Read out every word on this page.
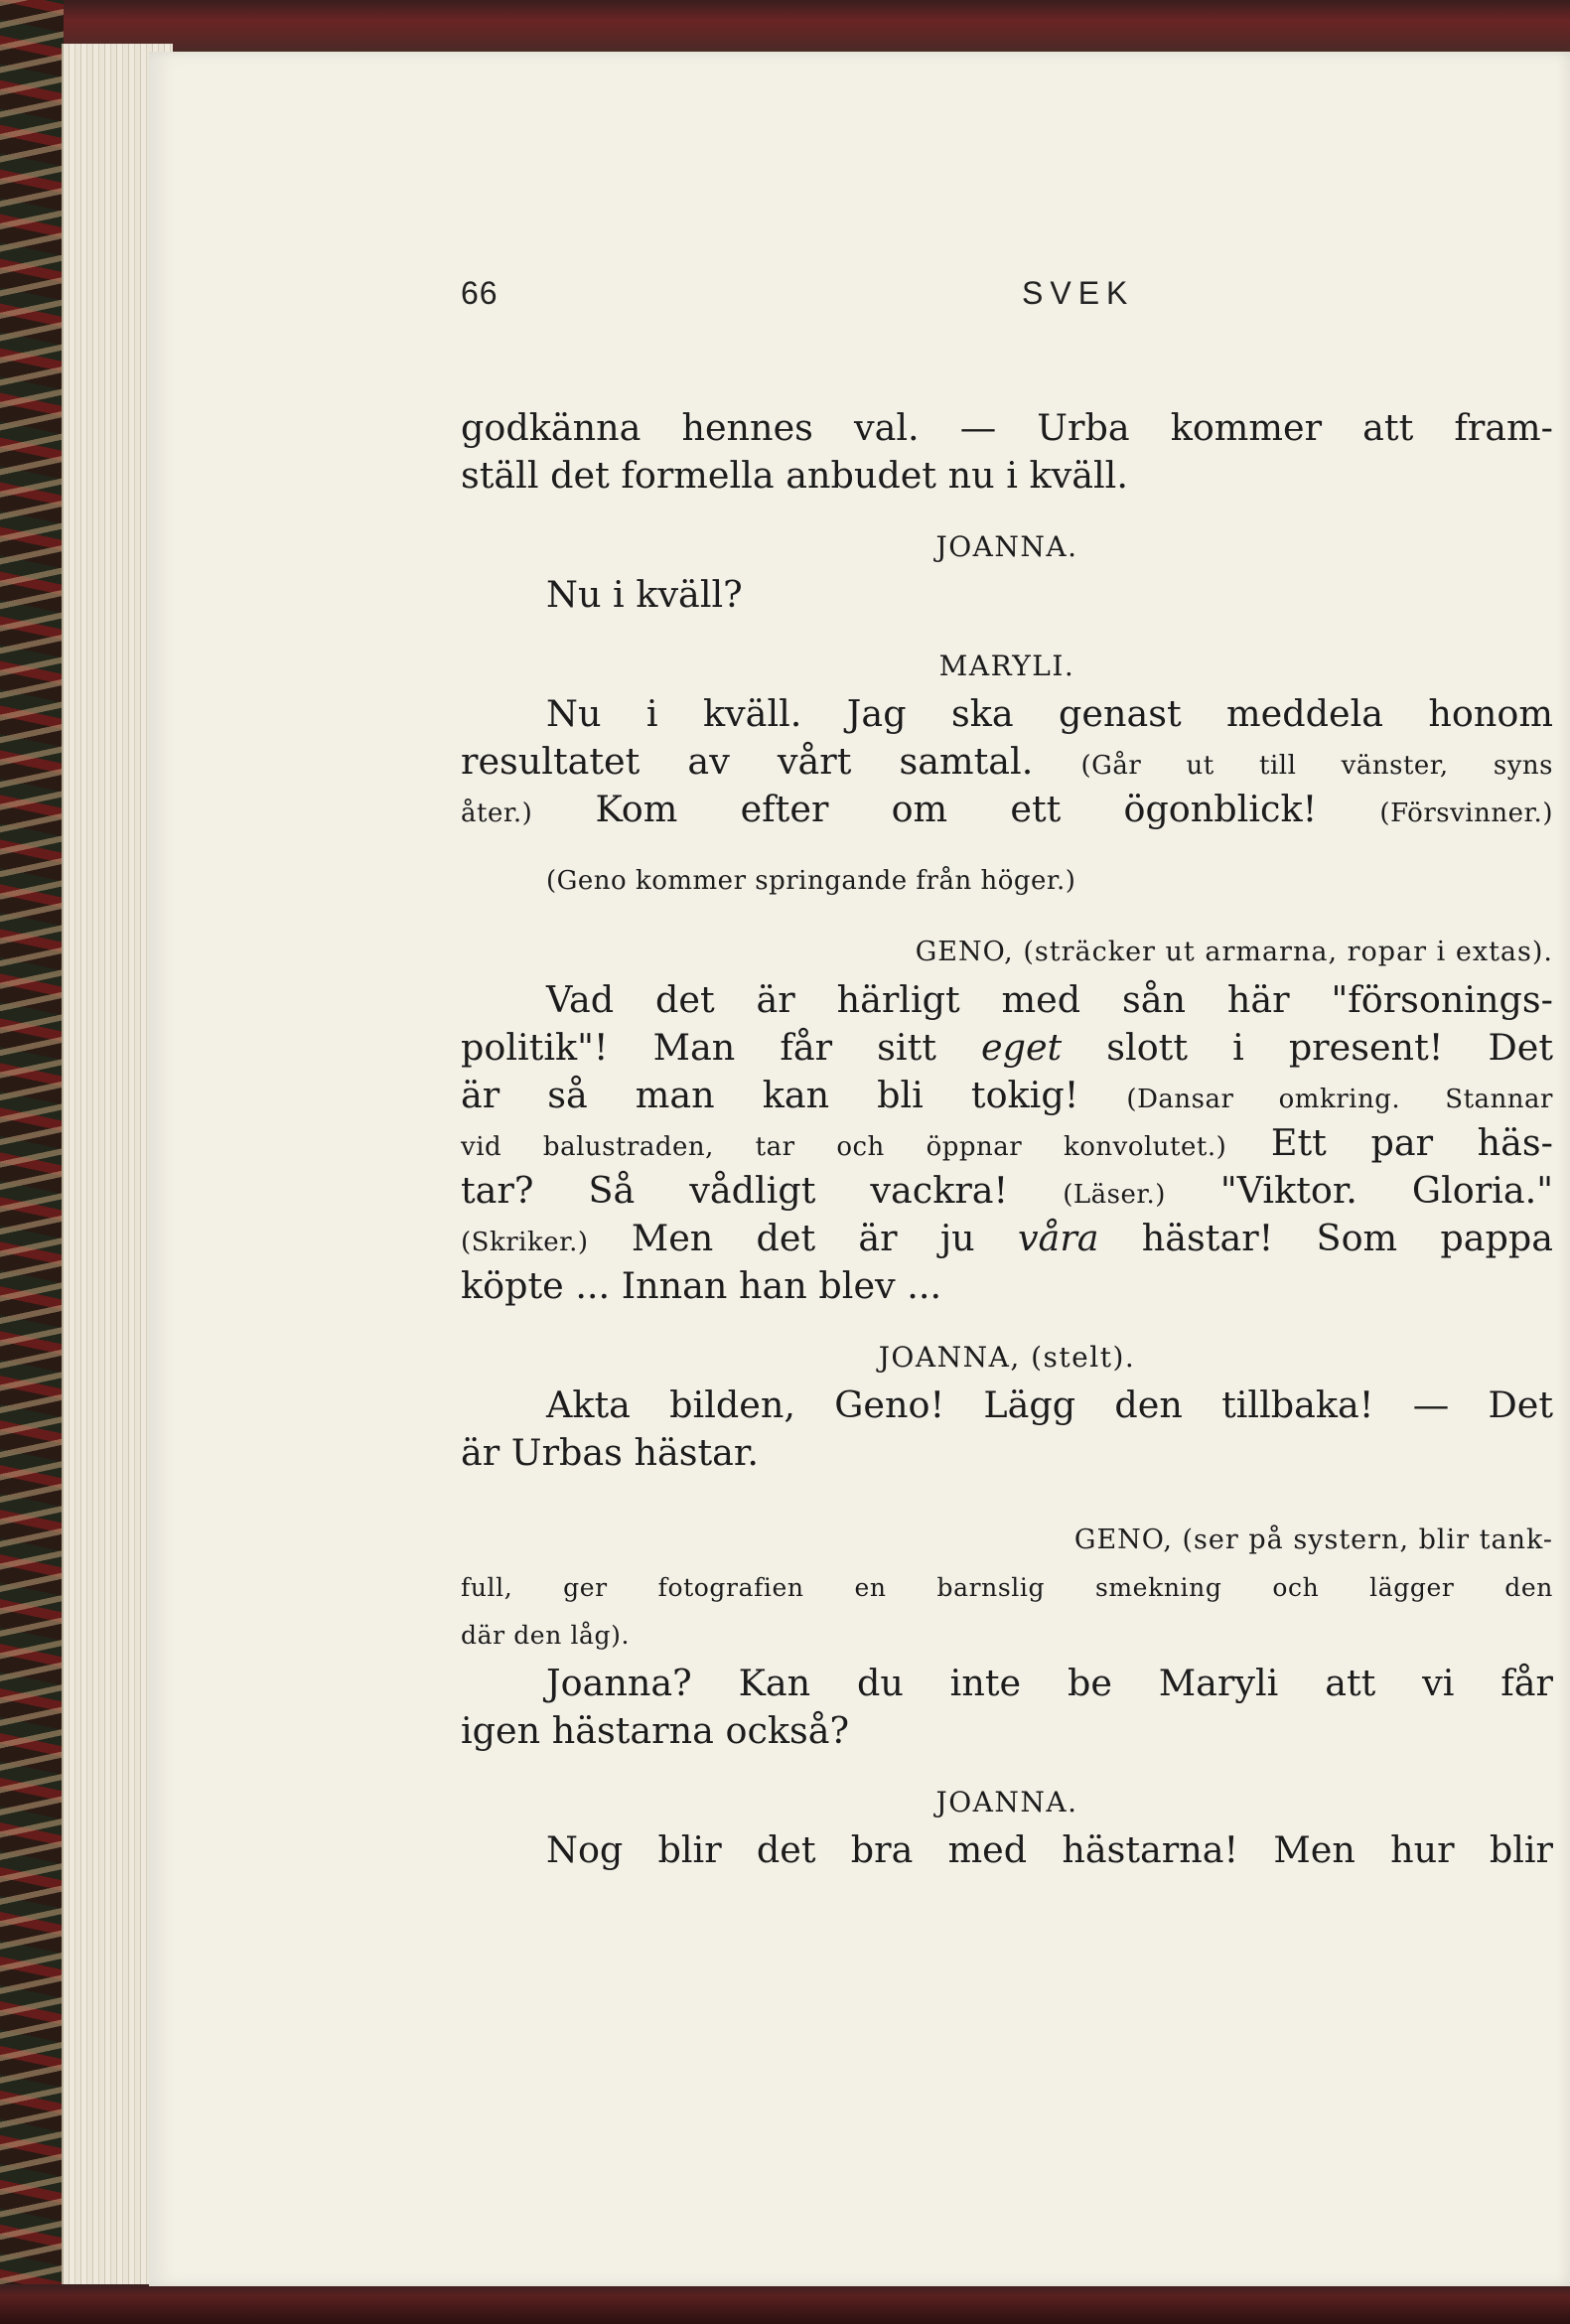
66	SVEK
godkänna hennes val. — Urba kommer att fram-
ställ det formella anbudet nu i kväll.
JOANNA.
Nu i kväll?
MARYLI.
Nu i kväll. Jag ska genast meddela honom
resultatet av vårt samtal. (Går ut till vänster, syns
åter.) Kom efter om ett ögonblick! (Försvinner.)
(Geno kommer springande från höger.)
GENO, (sträcker ut armarna, ropar i extas).
Vad det är härligt med sån här "försonings-
politik"! Man får sitt eget slott i present! Det
är så man kan bli tokig! (Dansar omkring. Stannar
vid balustraden, tar och öppnar konvolutet.) Ett par häs-
tar? Så vådligt vackra! (Läser.) "Viktor. Gloria."
(Skriker.) Men det är ju våra hästar! Som pappa
köpte ... Innan han blev ...
JOANNA, (stelt).
Akta bilden, Geno! Lägg den tillbaka! — Det
är Urbas hästar.
GENO, (ser på systern, blir tank-
full, ger fotografien en barnslig smekning och lägger den
där den låg).
Joanna? Kan du inte be Maryli att vi får
igen hästarna också?
JOANNA.
Nog blir det bra med hästarna! Men hur blir
